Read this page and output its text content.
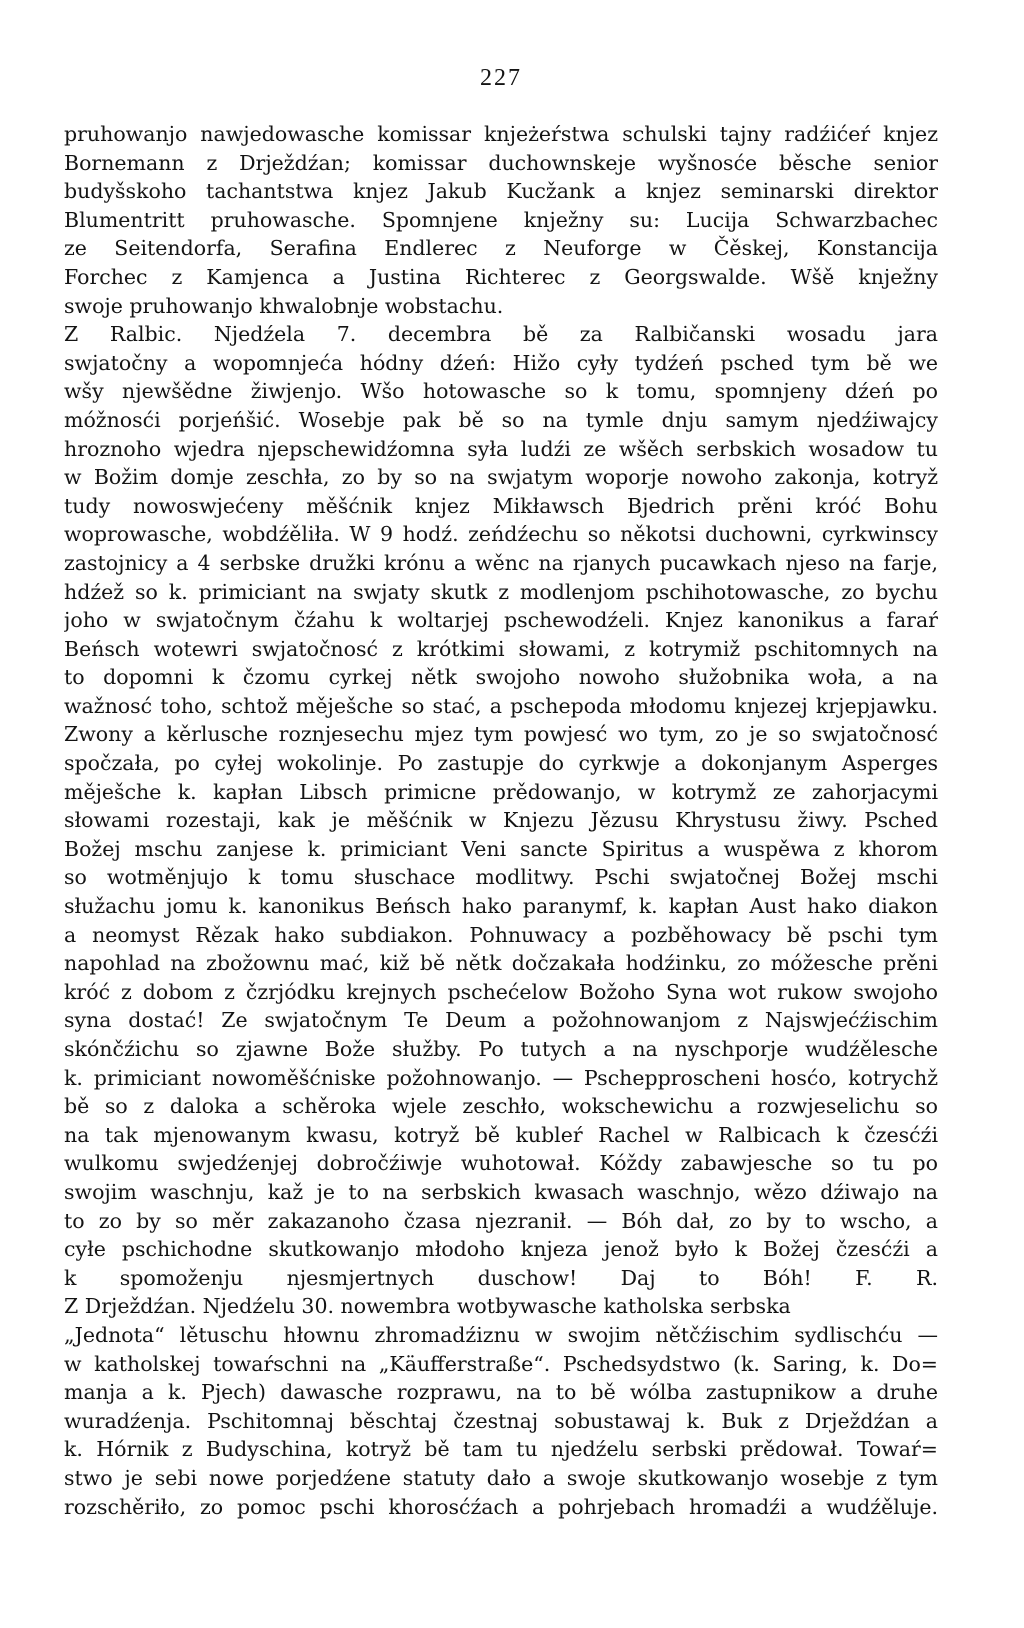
227
pruhowanjo nawjedowasche komissar knjeżeŕstwa schulski tajny radźićeŕ knjez
Bornemann z Drježdźan; komissar duchownskeje wyšnosće běsche senior
budyšskoho tachantstwa knjez Jakub Kucžank a knjez seminarski direktor
Blumentritt pruhowasche. Spomnjene knježny su: Lucija Schwarzbachec
ze Seitendorfa, Serafina Endlerec z Neuforge w Čěskej, Konstancija
Forchec z Kamjenca a Justina Richterec z Georgswalde. Wšě knježny
swoje pruhowanjo khwalobnje wobstachu.
Z Ralbic. Njedźela 7. decembra bě za Ralbičanski wosadu jara
swjatočny a wopomnjeća hódny dźeń: Hižo cyły tydźeń psched tym bě we
wšy njewšědne žiwjenjo. Wšo hotowasche so k tomu, spomnjeny dźeń po
móžnosći porjeńšić. Wosebje pak bě so na tymle dnju samym njedźiwajcy
hroznoho wjedra njepschewidźomna syła ludźi ze wšěch serbskich wosadow tu
w Božim domje zeschła, zo by so na swjatym woporje nowoho zakonja, kotryž
tudy nowoswjećeny měšćnik knjez Mikławsch Bjedrich prěni króć Bohu
woprowasche, wobdźěliła. W 9 hodź. zeńdźechu so někotsi duchowni, cyrkwinscy
zastojnicy a 4 serbske družki krónu a wěnc na rjanych pucawkach njeso na farje,
hdźež so k. primiciant na swjaty skutk z modlenjom pschihotowasche, zo bychu
joho w swjatočnym čźahu k woltarjej pschewodźeli. Knjez kanonikus a faraŕ
Beńsch wotewri swjatočnosć z krótkimi słowami, z kotrymiž pschitomnych na
to dopomni k čzomu cyrkej nětk swojoho nowoho słužobnika woła, a na
wažnosć toho, schtož měješche so stać, a pschepoda młodomu knjezej krjepjawku.
Zwony a kěrlusche roznjesechu mjez tym powjesć wo tym, zo je so swjatočnosć
spočzała, po cyłej wokolinje. Po zastupje do cyrkwje a dokonjanym Asperges
měješche k. kapłan Libsch primicne prědowanjo, w kotrymž ze zahorjacymi
słowami rozestaji, kak je měšćnik w Knjezu Jězusu Khrystusu žiwy. Psched
Božej mschu zanjese k. primiciant Veni sancte Spiritus a wuspěwa z khorom
so wotměnjujo k tomu słuschace modlitwy. Pschi swjatočnej Božej mschi
słužachu jomu k. kanonikus Beńsch hako paranymf, k. kapłan Aust hako diakon
a neomyst Rězak hako subdiakon. Pohnuwacy a pozběhowacy bě pschi tym
napohlad na zbožownu mać, kiž bě nětk dočzakała hodźinku, zo móžesche prěni
króć z dobom z čzrjódku krejnych pschećelow Božoho Syna wot rukow swojoho
syna dostać! Ze swjatočnym Te Deum a požohnowanjom z Najswjećźischim
skónčźichu so zjawne Bože słužby. Po tutych a na nyschporje wudźělesche
k. primiciant nowoměšćniske požohnowanjo. — Pschepproscheni hosćo, kotrychž
bě so z daloka a schěroka wjele zeschło, wokschewichu a rozwjeselichu so
na tak mjenowanym kwasu, kotryž bě kubleŕ Rachel w Ralbicach k čzesćźi
wulkomu swjedźenjej dobročźiwje wuhotował. Kóždy zabawjesche so tu po
swojim waschnju, kaž je to na serbskich kwasach waschnjo, wězo dźiwajo na
to zo by so měr zakazanoho čzasa njezranił. — Bóh dał, zo by to wscho, a
cyłe pschichodne skutkowanjo młodoho knjeza jenož było k Božej čzesćźi a
k spomoženju njesmjertnych duschow! Daj to Bóh! F. R.
Z Drježdźan. Njedźelu 30. nowembra wotbywasche katholska serbska
„Jednota“ lětuschu hłownu zhromadźiznu w swojim nětčźischim sydlischću —
w katholskej towaŕschni na „Käufferstraße“. Pschedsydstwo (k. Saring, k. Do=
manja a k. Pjech) dawasche rozprawu, na to bě wólba zastupnikow a druhe
wuradźenja. Pschitomnaj běschtaj čzestnaj sobustawaj k. Buk z Drježdźan a
k. Hórnik z Budyschina, kotryž bě tam tu njedźelu serbski prědował. Towaŕ=
stwo je sebi nowe porjedźene statuty dało a swoje skutkowanjo wosebje z tym
rozschěriło, zo pomoc pschi khorosćźach a pohrjebach hromadźi a wudźěluje.
